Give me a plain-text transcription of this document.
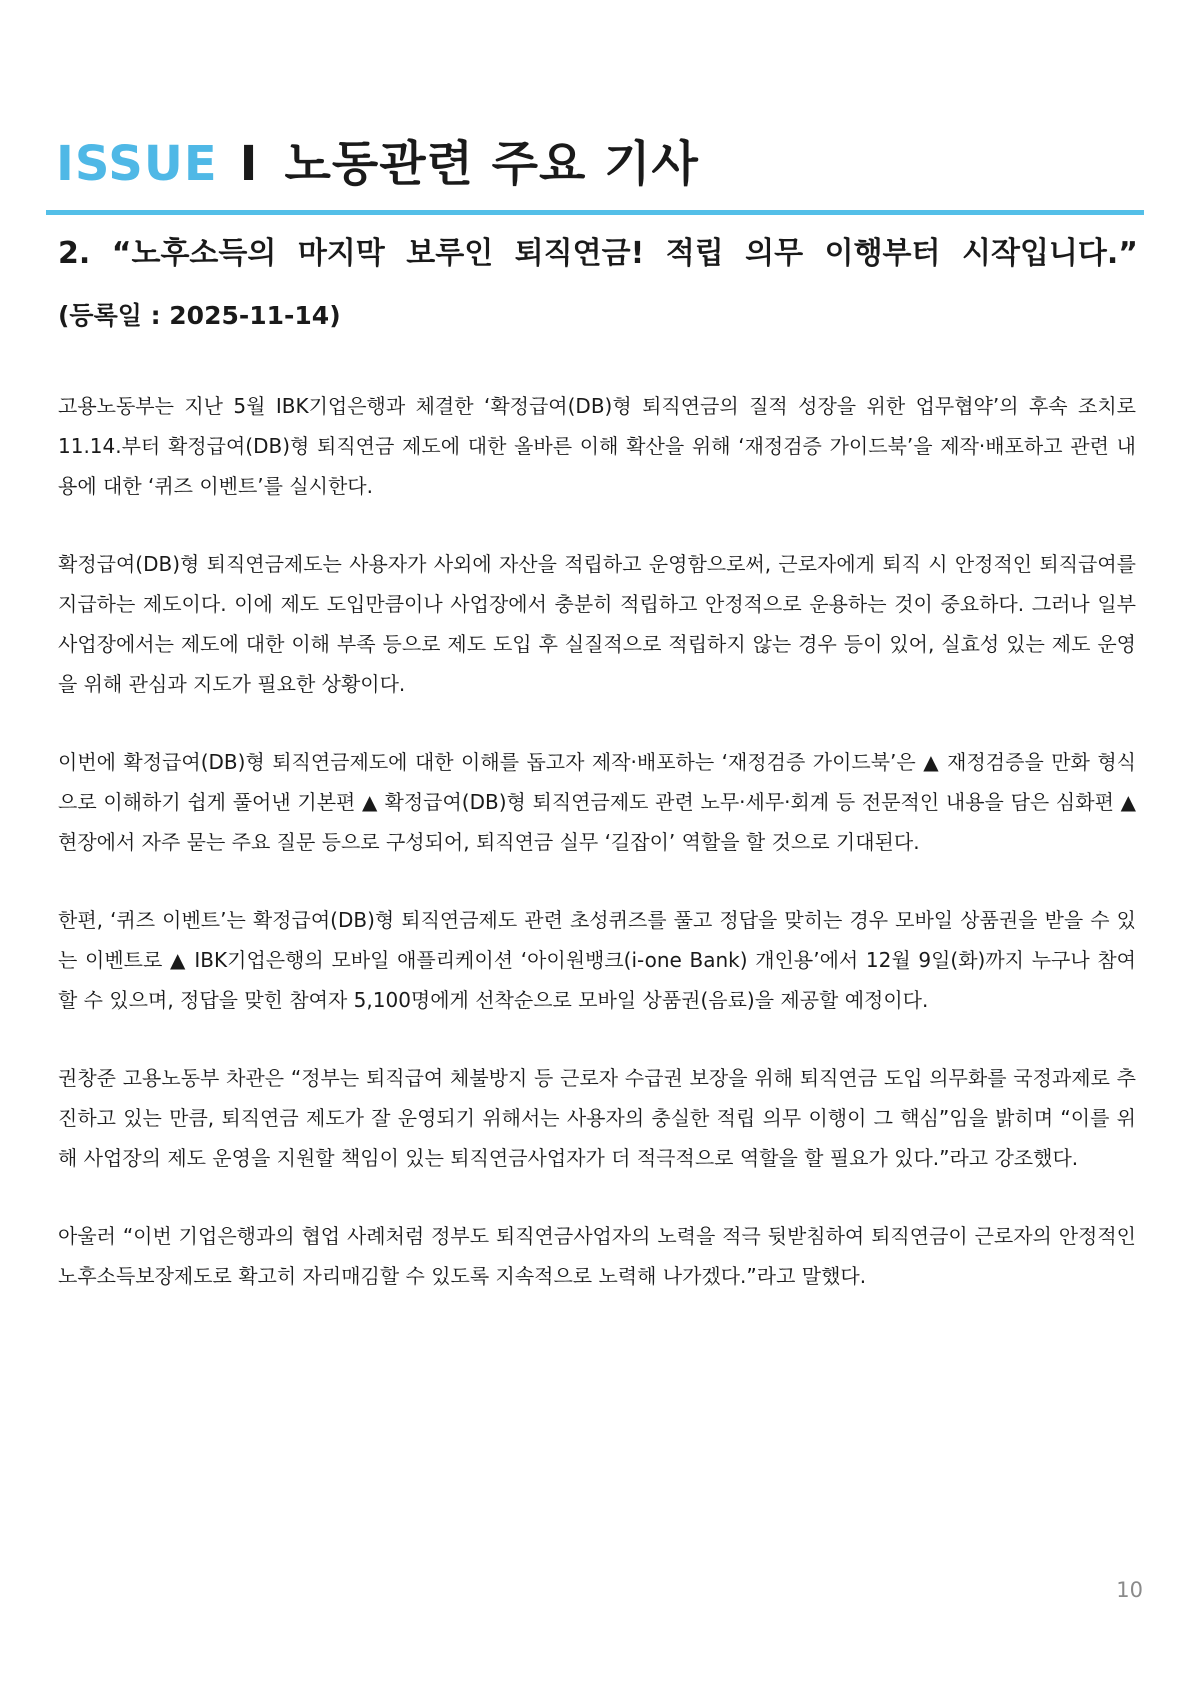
ISSUE I 노동관련 주요 기사
2. “노후소득의 마지막 보루인 퇴직연금! 적립 의무 이행부터 시작입니다.”
(등록일 : 2025-11-14)

고용노동부는 지난 5월 IBK기업은행과 체결한 ‘확정급여(DB)형 퇴직연금의 질적 성장을 위한 업무협약’의 후속 조치로 11.14.부터 확정급여(DB)형 퇴직연금 제도에 대한 올바른 이해 확산을 위해 ‘재정검증 가이드북’을 제작·배포하고 관련 내용에 대한 ‘퀴즈 이벤트’를 실시한다.

확정급여(DB)형 퇴직연금제도는 사용자가 사외에 자산을 적립하고 운영함으로써, 근로자에게 퇴직 시 안정적인 퇴직급여를 지급하는 제도이다. 이에 제도 도입만큼이나 사업장에서 충분히 적립하고 안정적으로 운용하는 것이 중요하다. 그러나 일부 사업장에서는 제도에 대한 이해 부족 등으로 제도 도입 후 실질적으로 적립하지 않는 경우 등이 있어, 실효성 있는 제도 운영을 위해 관심과 지도가 필요한 상황이다.

이번에 확정급여(DB)형 퇴직연금제도에 대한 이해를 돕고자 제작·배포하는 ‘재정검증 가이드북’은 ▲ 재정검증을 만화 형식 으로 이해하기 쉽게 풀어낸 기본편 ▲ 확정급여(DB)형 퇴직연금제도 관련 노무·세무·회계 등 전문적인 내용을 담은 심화편 ▲ 현장에서 자주 묻는 주요 질문 등으로 구성되어, 퇴직연금 실무 ‘길잡이’ 역할을 할 것으로 기대된다.

한편, ‘퀴즈 이벤트’는 확정급여(DB)형 퇴직연금제도 관련 초성퀴즈를 풀고 정답을 맞히는 경우 모바일 상품권을 받을 수 있는 이벤트로 ▲ IBK기업은행의 모바일 애플리케이션 ‘아이원뱅크(i-one Bank) 개인용’에서 12월 9일(화)까지 누구나 참여할 수 있으며, 정답을 맞힌 참여자 5,100명에게 선착순으로 모바일 상품권(음료)을 제공할 예정이다.

권창준 고용노동부 차관은 “정부는 퇴직급여 체불방지 등 근로자 수급권 보장을 위해 퇴직연금 도입 의무화를 국정과제로 추진하고 있는 만큼, 퇴직연금 제도가 잘 운영되기 위해서는 사용자의 충실한 적립 의무 이행이 그 핵심”임을 밝히며 “이를 위해 사업장의 제도 운영을 지원할 책임이 있는 퇴직연금사업자가 더 적극적으로 역할을 할 필요가 있다.”라고 강조했다.

아울러 “이번 기업은행과의 협업 사례처럼 정부도 퇴직연금사업자의 노력을 적극 뒷받침하여 퇴직연금이 근로자의 안정적인 노후소득보장제도로 확고히 자리매김할 수 있도록 지속적으로 노력해 나가겠다.”라고 말했다.

10
